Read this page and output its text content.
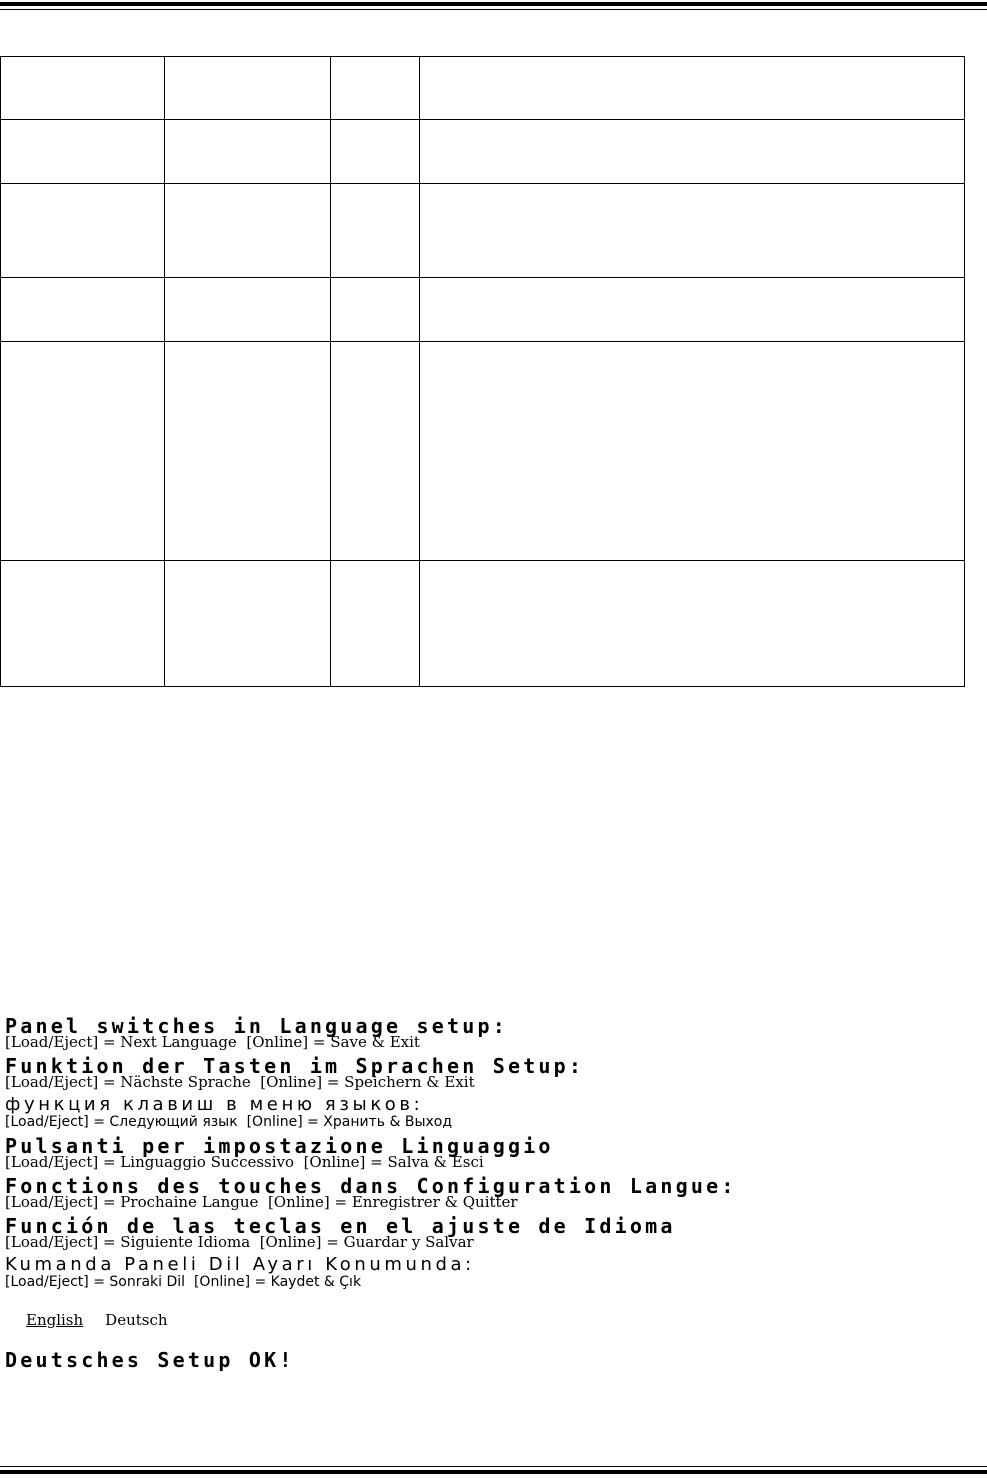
Panel switches in Language setup:
[Load/Eject] = Next Language  [Online] = Save & Exit
Funktion der Tasten im Sprachen Setup:
[Load/Eject] = Nächste Sprache  [Online] = Speichern & Exit
функция клавиш в меню языков:
[Load/Eject] = Следующий язык  [Online] = Хранить & Выход
Pulsanti per impostazione Linguaggio
[Load/Eject] = Linguaggio Successivo  [Online] = Salva & Esci
Fonctions des touches dans Configuration Langue:
[Load/Eject] = Prochaine Langue  [Online] = Enregistrer & Quitter
Función de las teclas en el ajuste de Idioma
[Load/Eject] = Siguiente Idioma  [Online] = Guardar y Salvar
Kumanda Paneli Dil Ayarı Konumunda:
[Load/Eject] = Sonraki Dil  [Online] = Kaydet & Çık
English Deutsch
Deutsches Setup OK!
